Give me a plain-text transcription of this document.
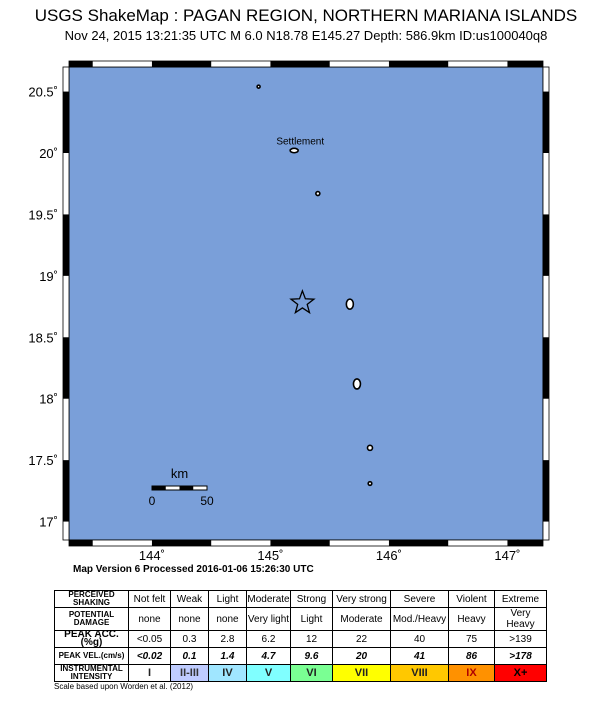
USGS ShakeMap : PAGAN REGION, NORTHERN MARIANA ISLANDS
Nov 24, 2015 13:21:35 UTC M 6.0 N18.78 E145.27 Depth: 586.9km ID:us100040q8
144˚	145˚	146˚	147˚
20.5˚
20˚
19.5˚
19˚
18.5˚
18˚
17.5˚
17˚
Settlement
km
0	50
Map Version 6 Processed 2016-01-06 15:26:30 UTC
PERCEIVED SHAKING	Not felt	Weak	Light	Moderate	Strong	Very strong	Severe	Violent	Extreme
POTENTIAL DAMAGE	none	none	none	Very light	Light	Moderate	Mod./Heavy	Heavy	Very Heavy
PEAK ACC.(%g)	<0.05	0.3	2.8	6.2	12	22	40	75	>139
PEAK VEL.(cm/s)	<0.02	0.1	1.4	4.7	9.6	20	41	86	>178
INSTRUMENTAL INTENSITY	I	II-III	IV	V	VI	VII	VIII	IX	X+
Scale based upon Worden et al. (2012)
